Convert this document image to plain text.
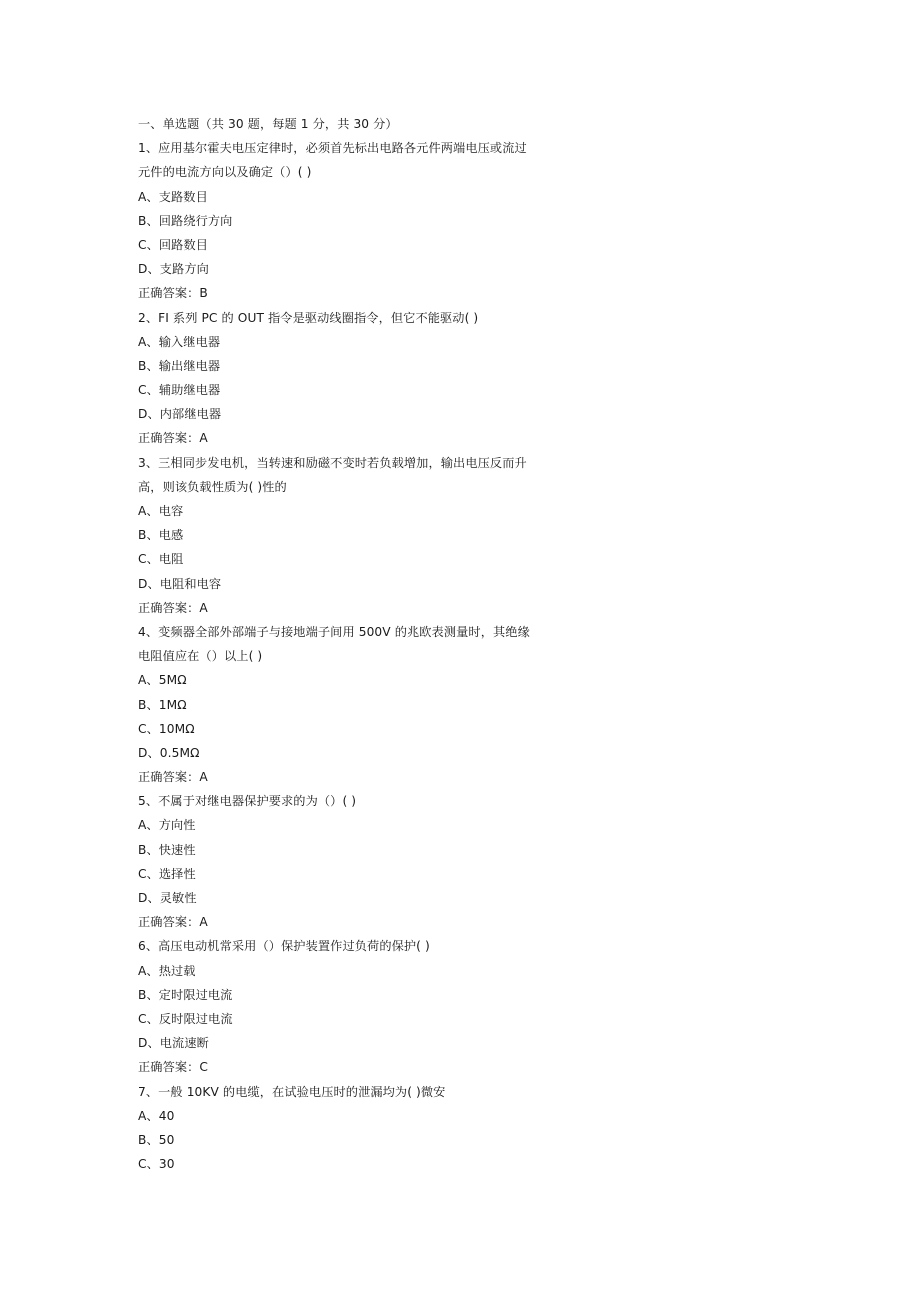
一、单选题（共 30 题，每题 1 分，共 30 分）
1、应用基尔霍夫电压定律时，必须首先标出电路各元件两端电压或流过
元件的电流方向以及确定（）( )
A、支路数目
B、回路绕行方向
C、回路数目
D、支路方向
正确答案：B
2、FI 系列 PC 的 OUT 指令是驱动线圈指令，但它不能驱动( )
A、输入继电器
B、输出继电器
C、辅助继电器
D、内部继电器
正确答案：A
3、三相同步发电机，当转速和励磁不变时若负载增加，输出电压反而升
高，则该负载性质为( )性的
A、电容
B、电感
C、电阻
D、电阻和电容
正确答案：A
4、变频器全部外部端子与接地端子间用 500V 的兆欧表测量时，其绝缘
电阻值应在（）以上( )
A、5MΩ
B、1MΩ
C、10MΩ
D、0.5MΩ
正确答案：A
5、不属于对继电器保护要求的为（）( )
A、方向性
B、快速性
C、选择性
D、灵敏性
正确答案：A
6、高压电动机常采用（）保护装置作过负荷的保护( )
A、热过载
B、定时限过电流
C、反时限过电流
D、电流速断
正确答案：C
7、一般 10KV 的电缆，在试验电压时的泄漏均为( )微安
A、40
B、50
C、30
